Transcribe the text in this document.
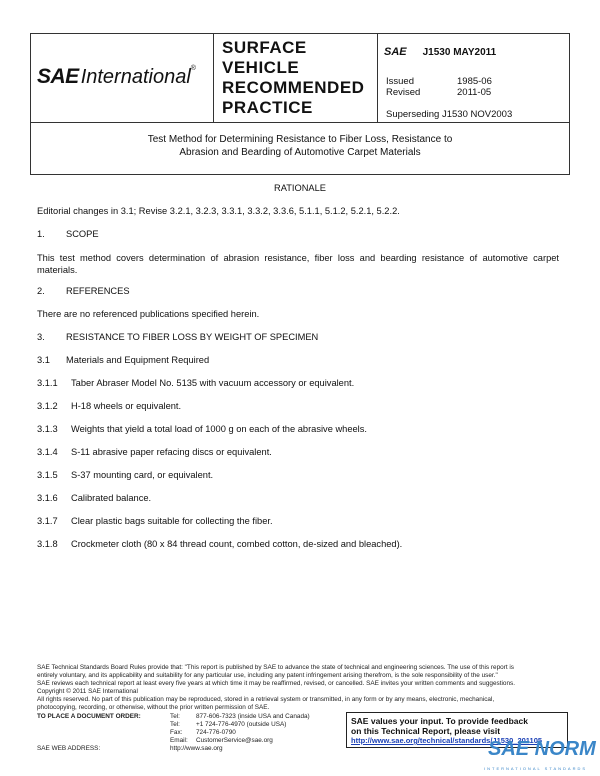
SAE International®
SURFACE
VEHICLE
RECOMMENDED
PRACTICE
SAE J1530 MAY2011
Issued	1985-06
Revised	2011-05
Superseding J1530 NOV2003
Test Method for Determining Resistance to Fiber Loss, Resistance to
Abrasion and Bearding of Automotive Carpet Materials
RATIONALE
Editorial changes in 3.1; Revise 3.2.1, 3.2.3, 3.3.1, 3.3.2, 3.3.6, 5.1.1, 5.1.2, 5.2.1, 5.2.2.
1. SCOPE
This test method covers determination of abrasion resistance, fiber loss and bearding resistance of automotive carpet materials.
2. REFERENCES
There are no referenced publications specified herein.
3. RESISTANCE TO FIBER LOSS BY WEIGHT OF SPECIMEN
3.1 Materials and Equipment Required
3.1.1 Taber Abraser Model No. 5135 with vacuum accessory or equivalent.
3.1.2 H-18 wheels or equivalent.
3.1.3 Weights that yield a total load of 1000 g on each of the abrasive wheels.
3.1.4 S-11 abrasive paper refacing discs or equivalent.
3.1.5 S-37 mounting card, or equivalent.
3.1.6 Calibrated balance.
3.1.7 Clear plastic bags suitable for collecting the fiber.
3.1.8 Crockmeter cloth (80 x 84 thread count, combed cotton, de-sized and bleached).
SAE Technical Standards Board Rules provide that: "This report is published by SAE to advance the state of technical and engineering sciences. The use of this report is
entirely voluntary, and its applicability and suitability for any particular use, including any patent infringement arising therefrom, is the sole responsibility of the user."
SAE reviews each technical report at least every five years at which time it may be reaffirmed, revised, or cancelled. SAE invites your written comments and suggestions.
Copyright © 2011 SAE International
All rights reserved. No part of this publication may be reproduced, stored in a retrieval system or transmitted, in any form or by any means, electronic, mechanical,
photocopying, recording, or otherwise, without the prior written permission of SAE.
TO PLACE A DOCUMENT ORDER:	Tel:	877-606-7323 (inside USA and Canada)
Tel:	+1 724-776-4970 (outside USA)
Fax: 724-776-0790
Email: CustomerService@sae.org
SAE WEB ADDRESS:	http://www.sae.org
SAE values your input. To provide feedback
on this Technical Report, please visit
http://www.sae.org/technical/standards/J1530_201105
SAE NORM
INTERNATIONAL STANDARDS
